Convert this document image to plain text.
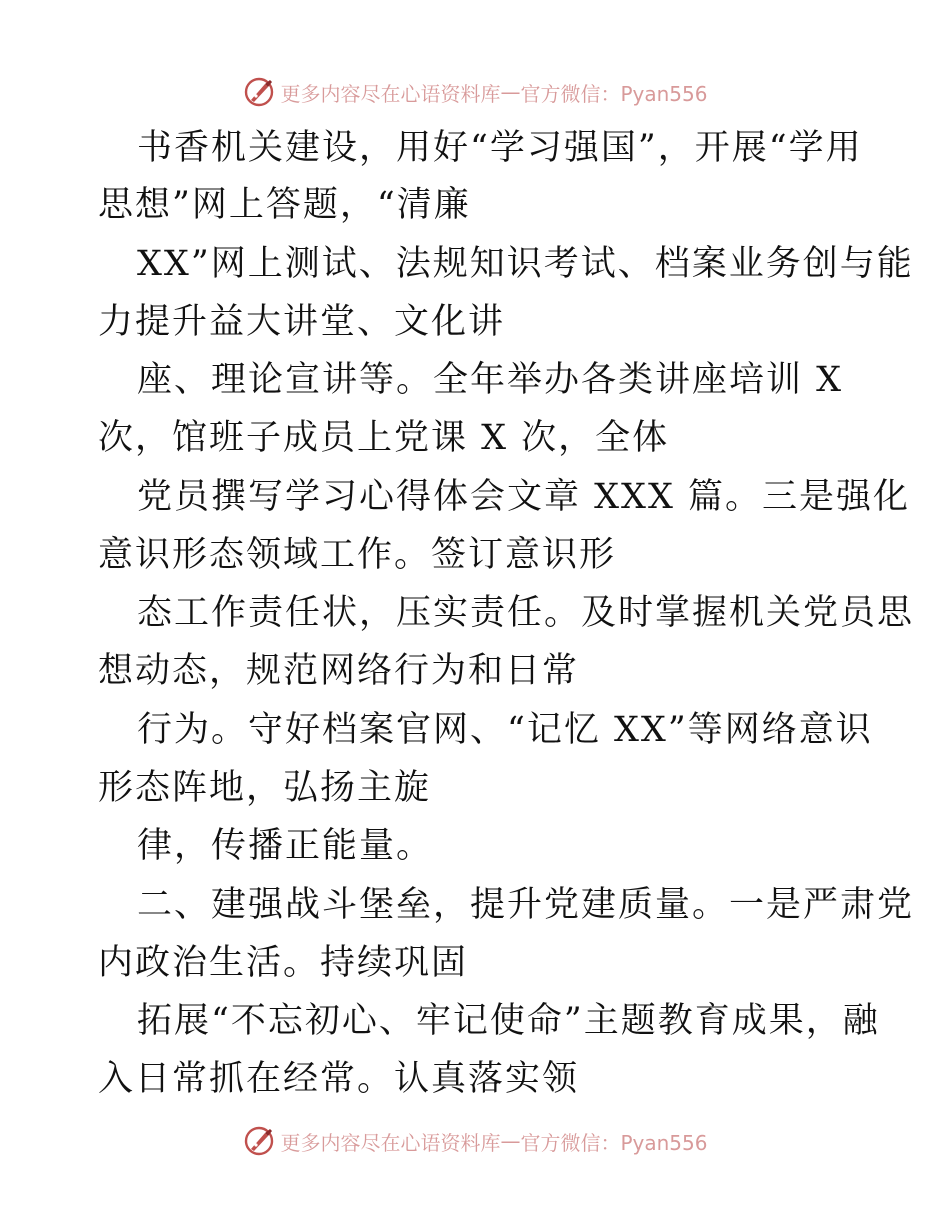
更多内容尽在心语资料库 — 官方微信：Pyan556
书香机关建设，用好“学习强国”，开展“学用
思想”网上答题，“清廉
XX”网上测试、法规知识考试、档案业务创与能
力提升益大讲堂、文化讲
座、理论宣讲等。全年举办各类讲座培训 X
次，馆班子成员上党课 X 次，全体
党员撰写学习心得体会文章 XXX 篇。三是强化
意识形态领域工作。签订意识形
态工作责任状，压实责任。及时掌握机关党员思
想动态，规范网络行为和日常
行为。守好档案官网、“记忆 XX”等网络意识
形态阵地，弘扬主旋
律，传播正能量。
二、建强战斗堡垒，提升党建质量。一是严肃党
内政治生活。持续巩固
拓展“不忘初心、牢记使命”主题教育成果，融
入日常抓在经常。认真落实领
更多内容尽在心语资料库 — 官方微信：Pyan556
